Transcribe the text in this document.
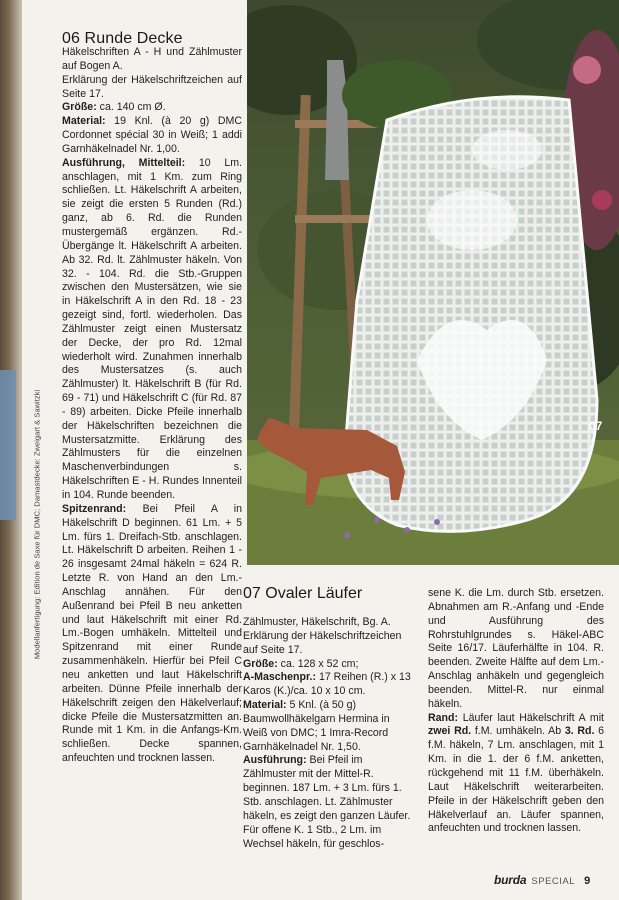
Modellanfertigung: Edition de Saxe für DMC; Damastdecke: Zweigart & Sawitzki	07
06 Runde Decke

Häkelschriften A - H und Zählmuster auf Bogen A.

Erklärung der Häkelschriftzeichen auf Seite 17.

Größe: ca. 140 cm Ø.

Material: 19 Knl. (à 20 g) DMC Cordonnet spécial 30 in Weiß; 1 addi Garnhäkelnadel Nr. 1,00.

Ausführung, Mittelteil: 10 Lm. anschlagen, mit 1 Km. zum Ring schließen. Lt. Häkelschrift A arbeiten, sie zeigt die ersten 5 Runden (Rd.) ganz, ab 6. Rd. die Runden mustergemäß ergänzen. Rd.-Übergänge lt. Häkelschrift A arbeiten. Ab 32. Rd. lt. Zählmuster häkeln. Von 32. - 104. Rd. die Stb.-Gruppen zwischen den Mustersätzen, wie sie in Häkelschrift A in den Rd. 18 - 23 gezeigt sind, fortl. wiederholen. Das Zählmuster zeigt einen Mustersatz der Decke, der pro Rd. 12mal wiederholt wird. Zunahmen innerhalb des Mustersatzes (s. auch Zählmuster) lt. Häkelschrift B (für Rd. 69 - 71) und Häkelschrift C (für Rd. 87 - 89) arbeiten. Dicke Pfeile innerhalb der Häkelschriften bezeichnen die Mustersatzmitte. Erklärung des Zählmusters für die einzelnen Maschenverbindungen s. Häkelschriften E - H. Rundes Innenteil in 104. Runde beenden.

Spitzenrand: Bei Pfeil A in Häkelschrift D beginnen. 61 Lm. + 5 Lm. fürs 1. Dreifach-Stb. anschlagen. Lt. Häkelschrift D arbeiten. Reihen 1 - 26 insgesamt 24mal häkeln = 624 R. Letzte R. von Hand an den Lm.-Anschlag annähen. Für den Außenrand bei Pfeil B neu anketten und laut Häkelschrift mit einer Rd. Lm.-Bogen umhäkeln. Mittelteil und Spitzenrand mit einer Runde zusammenhäkeln. Hierfür bei Pfeil C neu anketten und laut Häkelschrift arbeiten. Dünne Pfeile innerhalb der Häkelschrift zeigen den Häkelverlauf; dicke Pfeile die Mustersatzmitten an. Runde mit 1 Km. in die Anfangs-Km. schließen. Decke spannen, anfeuchten und trocknen lassen.

07 Ovaler Läufer

Zählmuster, Häkelschrift, Bg. A. Erklärung der Häkelschriftzeichen auf Seite 17.

Größe: ca. 128 x 52 cm;

A-Maschenpr.: 17 Reihen (R.) x 13 Karos (K.)/ca. 10 x 10 cm.

Material: 5 Knl. (à 50 g) Baumwollhäkelgarn Hermina in Weiß von DMC; 1 Imra-Record Garnhäkelnadel Nr. 1,50.

Ausführung: Bei Pfeil im Zählmuster mit der Mittel-R. beginnen. 187 Lm. + 3 Lm. fürs 1. Stb. anschlagen. Lt. Zählmuster häkeln, es zeigt den ganzen Läufer. Für offene K. 1 Stb., 2 Lm. im Wechsel häkeln, für geschlos-

sene K. die Lm. durch Stb. ersetzen. Abnahmen am R.-Anfang und -Ende und Ausführung des Rohrstuhlgrundes s. Häkel-ABC Seite 16/17. Läuferhälfte in 104. R. beenden. Zweite Hälfte auf dem Lm.-Anschlag anhäkeln und gegengleich beenden. Mittel-R. nur einmal häkeln.

Rand: Läufer laut Häkelschrift A mit zwei Rd. f.M. umhäkeln. Ab 3. Rd. 6 f.M. häkeln, 7 Lm. anschlagen, mit 1 Km. in die 1. der 6 f.M. anketten, rückgehend mit 11 f.M. überhäkeln. Laut Häkelschrift weiterarbeiten. Pfeile in der Häkelschrift geben den Häkelverlauf an. Läufer spannen, anfeuchten und trocknen lassen.

burda SPECIAL 9
